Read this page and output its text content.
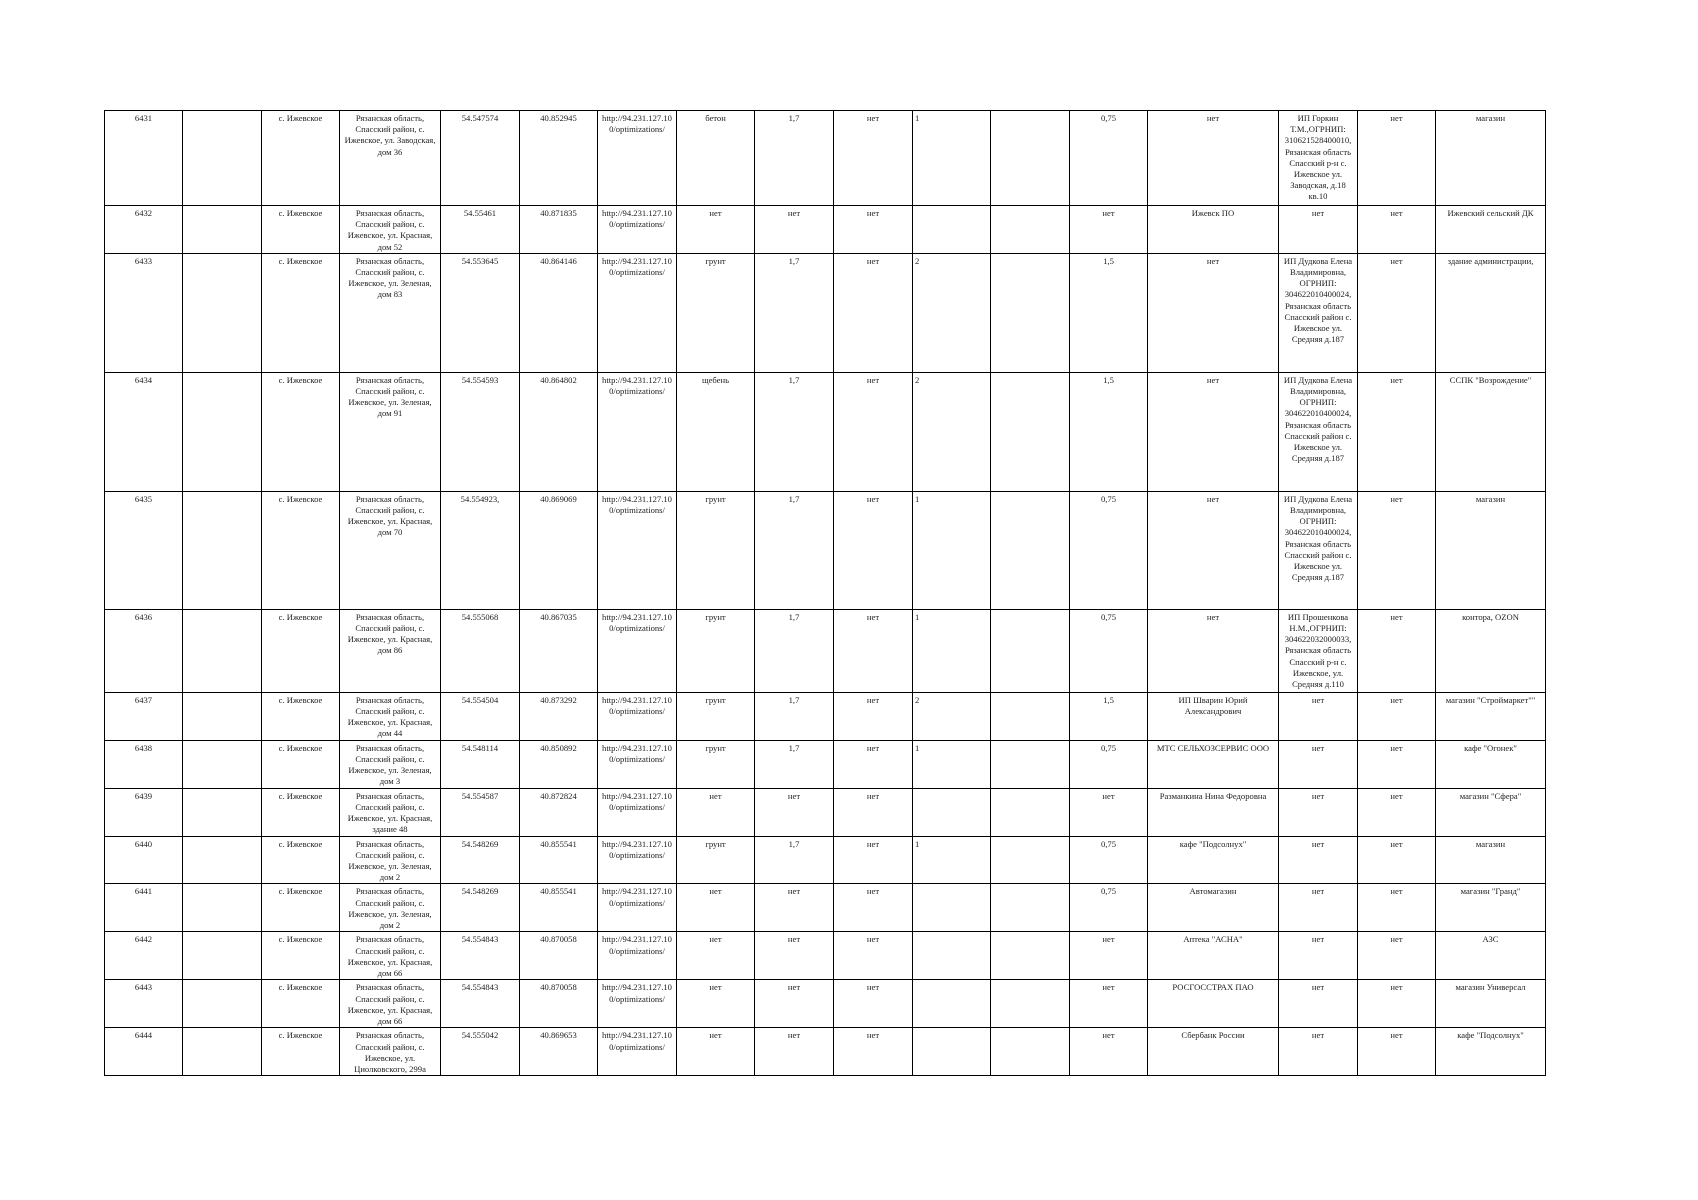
6431		с. Ижевское	Рязанская область, Спасский район, с. Ижевское, ул. Заводская, дом 36	54.547574	40.852945	http://94.231.127.100/optimizations/	бетон	1,7	нет	1		0,75	нет	ИП Горкин Т.М.,ОГРНИП: 310621528400010, Рязанская область Спасский р-н с. Ижевское ул. Заводская, д.18 кв.10	нет	магазин
6432		с. Ижевское	Рязанская область, Спасский район, с. Ижевское, ул. Красная, дом 52	54.55461	40.871835	http://94.231.127.100/optimizations/	нет	нет	нет			нет	Ижевск ПО	нет	нет	Ижевский сельский ДК
6433		с. Ижевское	Рязанская область, Спасский район, с. Ижевское, ул. Зеленая, дом 83	54.553645	40.864146	http://94.231.127.100/optimizations/	грунт	1,7	нет	2		1,5	нет	ИП Дудкова Елена Владимировна, ОГРНИП: 304622010400024, Рязанская область Спасский район с. Ижевское ул. Средняя д.187	нет	здание администрации,
6434		с. Ижевское	Рязанская область, Спасский район, с. Ижевское, ул. Зеленая, дом 91	54.554593	40.864802	http://94.231.127.100/optimizations/	щебень	1,7	нет	2		1,5	нет	ИП Дудкова Елена Владимировна, ОГРНИП: 304622010400024, Рязанская область Спасский район с. Ижевское ул. Средняя д.187	нет	ССПК "Возрождение"
6435		с. Ижевское	Рязанская область, Спасский район, с. Ижевское, ул. Красная, дом 70	54.554923,	40.869069	http://94.231.127.100/optimizations/	грунт	1,7	нет	1		0,75	нет	ИП Дудкова Елена Владимировна, ОГРНИП: 304622010400024, Рязанская область Спасский район с. Ижевское ул. Средняя д.187	нет	магазин
6436		с. Ижевское	Рязанская область, Спасский район, с. Ижевское, ул. Красная, дом 86	54.555068	40.867035	http://94.231.127.100/optimizations/	грунт	1,7	нет	1		0,75	нет	ИП Прошенкова Н.М.,ОГРНИП: 304622032000033, Рязанская область Спасский р-н с. Ижевское, ул. Средняя д.110	нет	контора, OZON
6437		с. Ижевское	Рязанская область, Спасский район, с. Ижевское, ул. Красная, дом 44	54.554504	40.873292	http://94.231.127.100/optimizations/	грунт	1,7	нет	2		1,5	ИП Шварин Юрий Александрович	нет	нет	магазин "Строймаркет""
6438		с. Ижевское	Рязанская область, Спасский район, с. Ижевское, ул. Зеленая, дом 3	54.548114	40.850892	http://94.231.127.100/optimizations/	грунт	1,7	нет	1		0,75	МТС СЕЛЬХОЗСЕРВИС ООО	нет	нет	кафе "Огонек"
6439		с. Ижевское	Рязанская область, Спасский район, с. Ижевское, ул. Красная, здание 48	54.554587	40.872824	http://94.231.127.100/optimizations/	нет	нет	нет			нет	Разманкина Нина Федоровна	нет	нет	магазин "Сфера"
6440		с. Ижевское	Рязанская область, Спасский район, с. Ижевское, ул. Зеленая, дом 2	54.548269	40.855541	http://94.231.127.100/optimizations/	грунт	1,7	нет	1		0,75	кафе "Подсолнух"	нет	нет	магазин
6441		с. Ижевское	Рязанская область, Спасский район, с. Ижевское, ул. Зеленая, дом 2	54.548269	40.855541	http://94.231.127.100/optimizations/	нет	нет	нет			0,75	Автомагазин	нет	нет	магазин "Гранд"
6442		с. Ижевское	Рязанская область, Спасский район, с. Ижевское, ул. Красная, дом 66	54.554843	40.870058	http://94.231.127.100/optimizations/	нет	нет	нет			нет	Аптека "АСНА"	нет	нет	АЗС
6443		с. Ижевское	Рязанская область, Спасский район, с. Ижевское, ул. Красная, дом 66	54.554843	40.870058	http://94.231.127.100/optimizations/	нет	нет	нет			нет	РОСГОССТРАХ ПАО	нет	нет	магазин Универсал
6444		с. Ижевское	Рязанская область, Спасский район, с. Ижевское, ул. Циолковского, 299а	54.555042	40.869653	http://94.231.127.100/optimizations/	нет	нет	нет			нет	Сбербанк России	нет	нет	кафе "Подсолнух"
